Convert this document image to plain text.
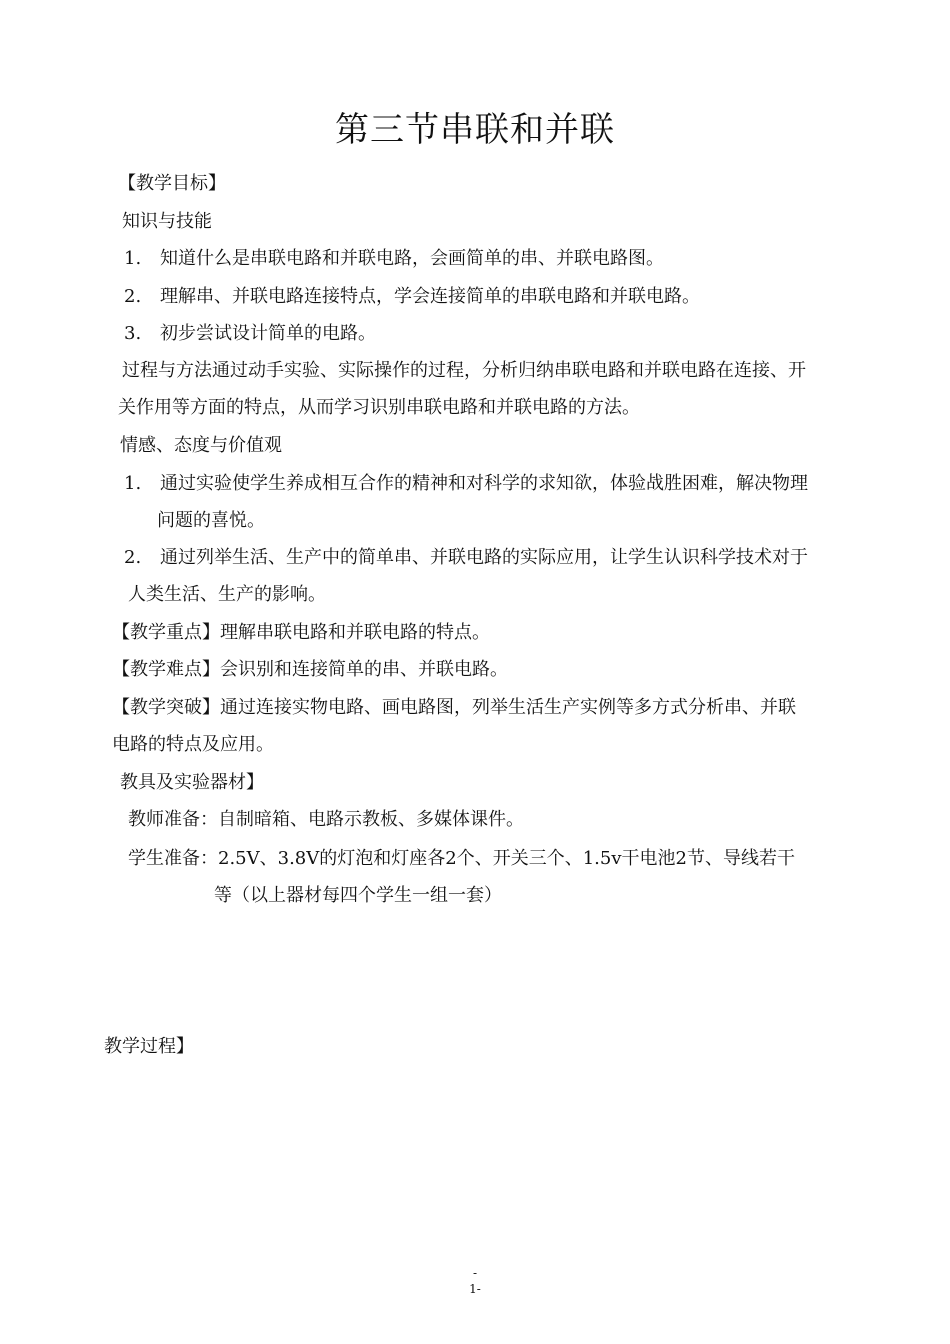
第三节串联和并联
【教学目标】
知识与技能
1. 知道什么是串联电路和并联电路，会画简单的串、并联电路图。
2. 理解串、并联电路连接特点，学会连接简单的串联电路和并联电路。
3. 初步尝试设计简单的电路。
过程与方法通过动手实验、实际操作的过程，分析归纳串联电路和并联电路在连接、开
关作用等方面的特点，从而学习识别串联电路和并联电路的方法。
情感、态度与价值观
1. 通过实验使学生养成相互合作的精神和对科学的求知欲，体验战胜困难，解决物理
问题的喜悦。
2. 通过列举生活、生产中的简单串、并联电路的实际应用，让学生认识科学技术对于
人类生活、生产的影响。
【教学重点】理解串联电路和并联电路的特点。
【教学难点】会识别和连接简单的串、并联电路。
【教学突破】通过连接实物电路、画电路图，列举生活生产实例等多方式分析串、并联
电路的特点及应用。
教具及实验器材】
教师准备：自制暗箱、电路示教板、多媒体课件。
学生准备：2.5V、3.8V的灯泡和灯座各2个、开关三个、1.5v干电池2节、导线若干
等（以上器材每四个学生一组一套）
教学过程】
-
1-
